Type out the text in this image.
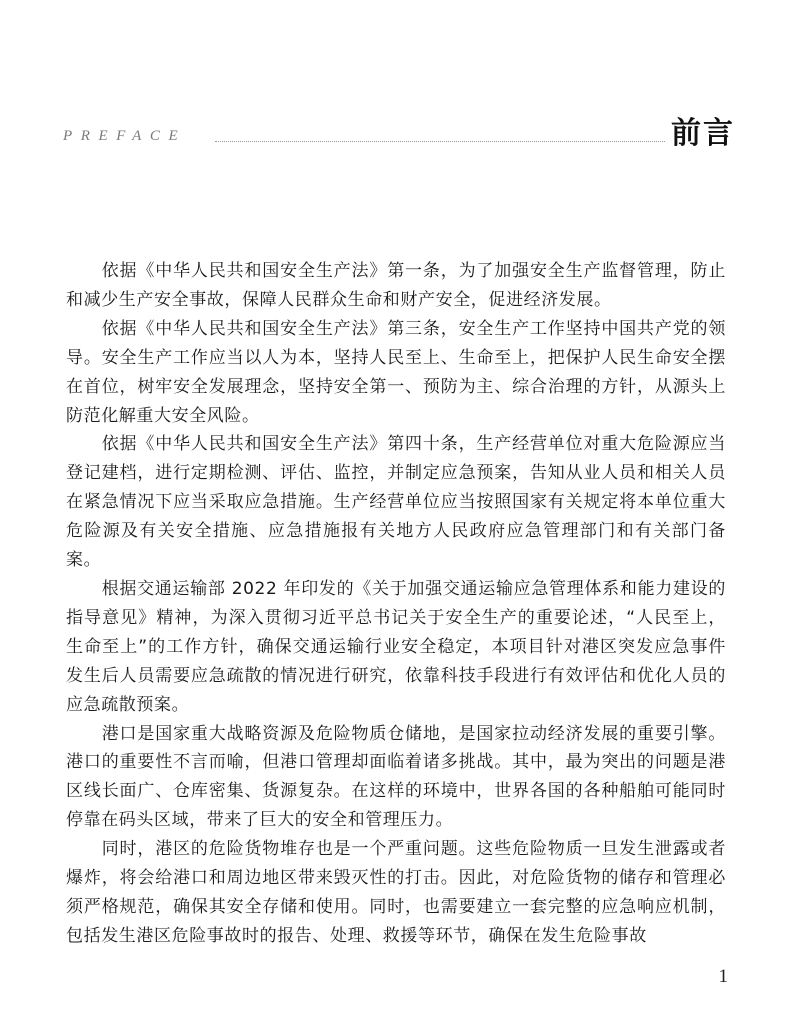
PREFACE	前言

依据《中华人民共和国安全生产法》第一条，为了加强安全生产监督管理，防止和减少生产安全事故，保障人民群众生命和财产安全，促进经济发展。

依据《中华人民共和国安全生产法》第三条，安全生产工作坚持中国共产党的领导。安全生产工作应当以人为本，坚持人民至上、生命至上，把保护人民生命安全摆在首位，树牢安全发展理念，坚持安全第一、预防为主、综合治理的方针，从源头上防范化解重大安全风险。

依据《中华人民共和国安全生产法》第四十条，生产经营单位对重大危险源应当登记建档，进行定期检测、评估、监控，并制定应急预案，告知从业人员和相关人员在紧急情况下应当采取应急措施。生产经营单位应当按照国家有关规定将本单位重大危险源及有关安全措施、应急措施报有关地方人民政府应急管理部门和有关部门备案。

根据交通运输部 2022 年印发的《关于加强交通运输应急管理体系和能力建设的指导意见》精神，为深入贯彻习近平总书记关于安全生产的重要论述，“人民至上，生命至上”的工作方针，确保交通运输行业安全稳定，本项目针对港区突发应急事件发生后人员需要应急疏散的情况进行研究，依靠科技手段进行有效评估和优化人员的应急疏散预案。

港口是国家重大战略资源及危险物质仓储地，是国家拉动经济发展的重要引擎。港口的重要性不言而喻，但港口管理却面临着诸多挑战。其中，最为突出的问题是港区线长面广、仓库密集、货源复杂。在这样的环境中，世界各国的各种船舶可能同时停靠在码头区域，带来了巨大的安全和管理压力。

同时，港区的危险货物堆存也是一个严重问题。这些危险物质一旦发生泄露或者爆炸，将会给港口和周边地区带来毁灭性的打击。因此，对危险货物的储存和管理必须严格规范，确保其安全存储和使用。同时，也需要建立一套完整的应急响应机制，包括发生港区危险事故时的报告、处理、救援等环节，确保在发生危险事故

1
